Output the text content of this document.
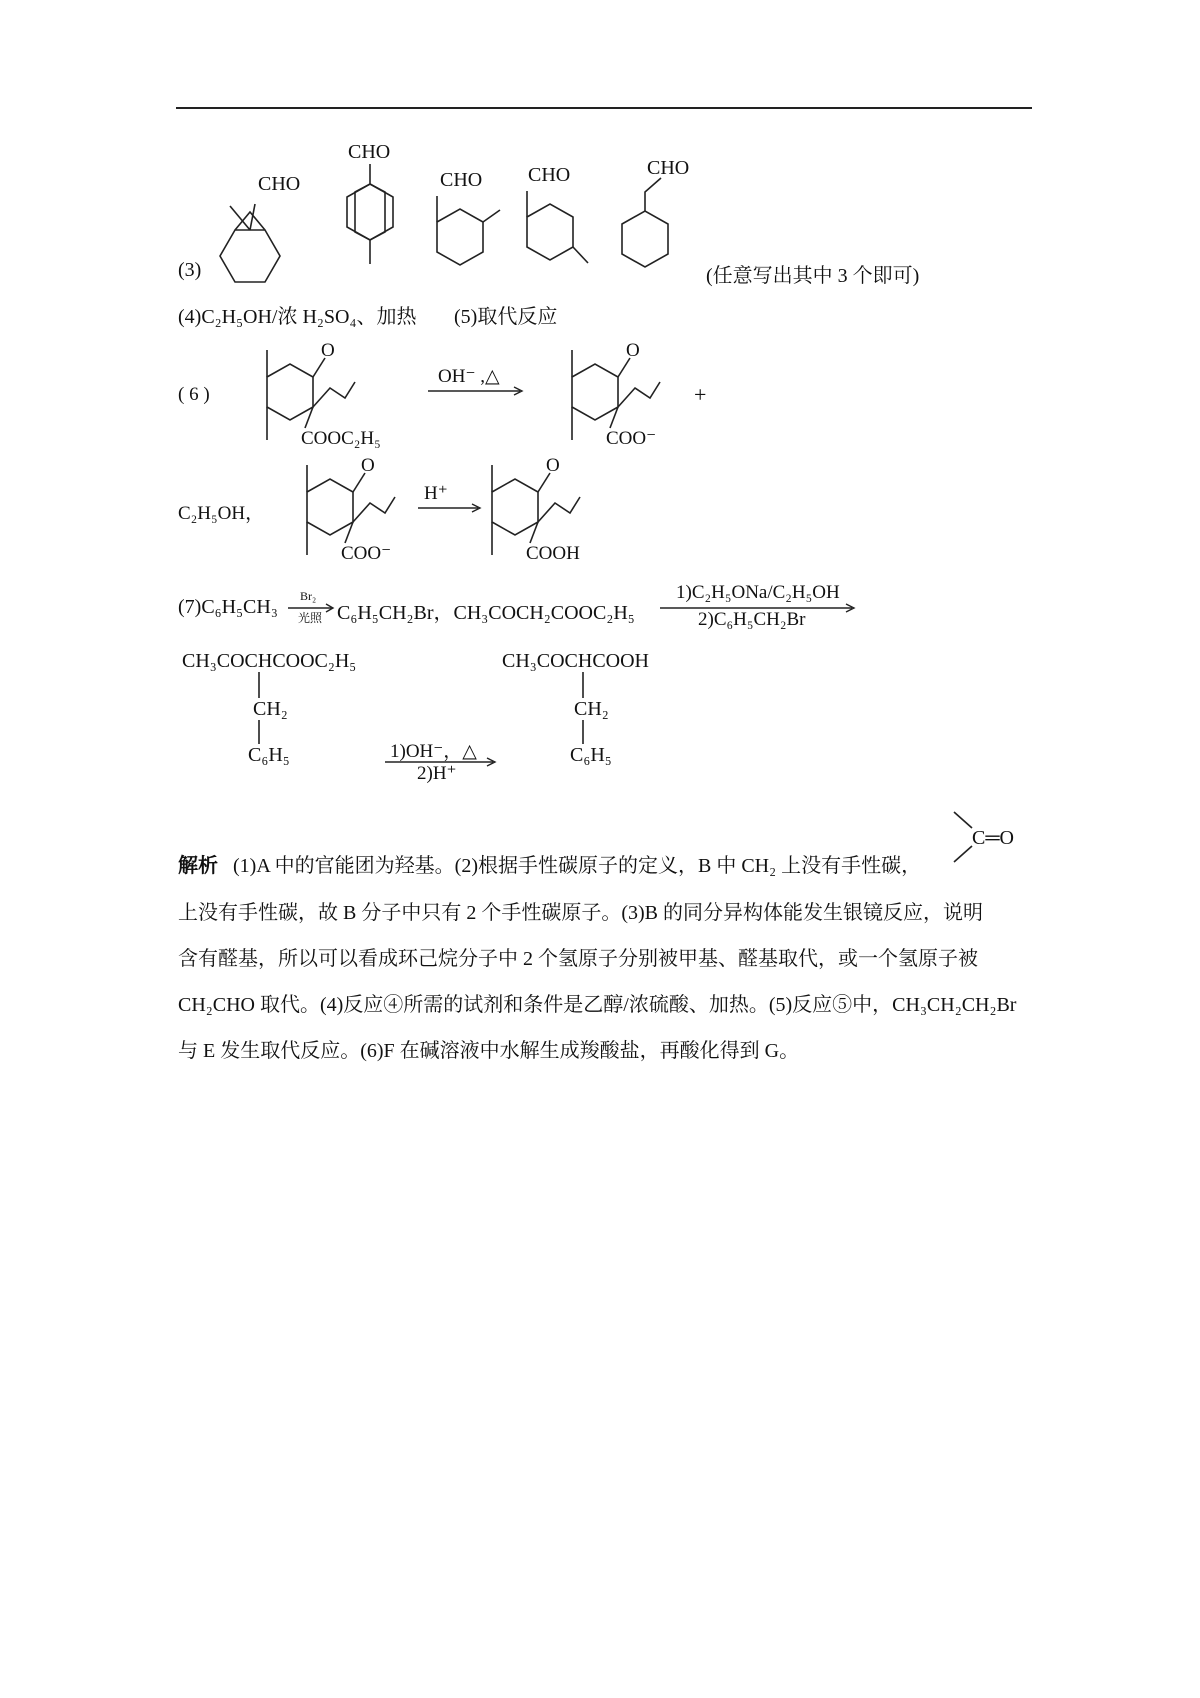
(3)
CHO
CHO
CHO CHO	CHO
(任意写出其中 3 个即可)
(4)C₂H₅OH/浓 H₂SO₄、加热 (5)取代反应
( 6 )
COOC₂H₅
O
OH⁻ ,△
COO⁻
O
+
C₂H₅OH，
COO⁻
O
H⁺
COOH
O
(7)C₆H₅CH₃ Br₂
光照 C₆H₅CH₂Br，CH₃COCH₂COOC₂H₅
1)C₂H₅ONa/C₂H₅OH
2)C₆H₅CH₂Br
CH₃COCHCOOC₂H₅
CH₂
C₆H₅	1)OH⁻，△
2)H⁺
CH₃COCHCOOH
CH₂
C₆H₅
C═O
解析 (1)A 中的官能团为羟基。(2)根据手性碳原子的定义，B 中 CH₂ 上没有手性碳，
上没有手性碳，故 B 分子中只有 2 个手性碳原子。(3)B 的同分异构体能发生银镜反应，说明
含有醛基，所以可以看成环己烷分子中 2 个氢原子分别被甲基、醛基取代，或一个氢原子被
CH₂CHO 取代。(4)反应④所需的试剂和条件是乙醇/浓硫酸、加热。(5)反应⑤中，CH₃CH₂CH₂Br
与 E 发生取代反应。(6)F 在碱溶液中水解生成羧酸盐，再酸化得到 G。
